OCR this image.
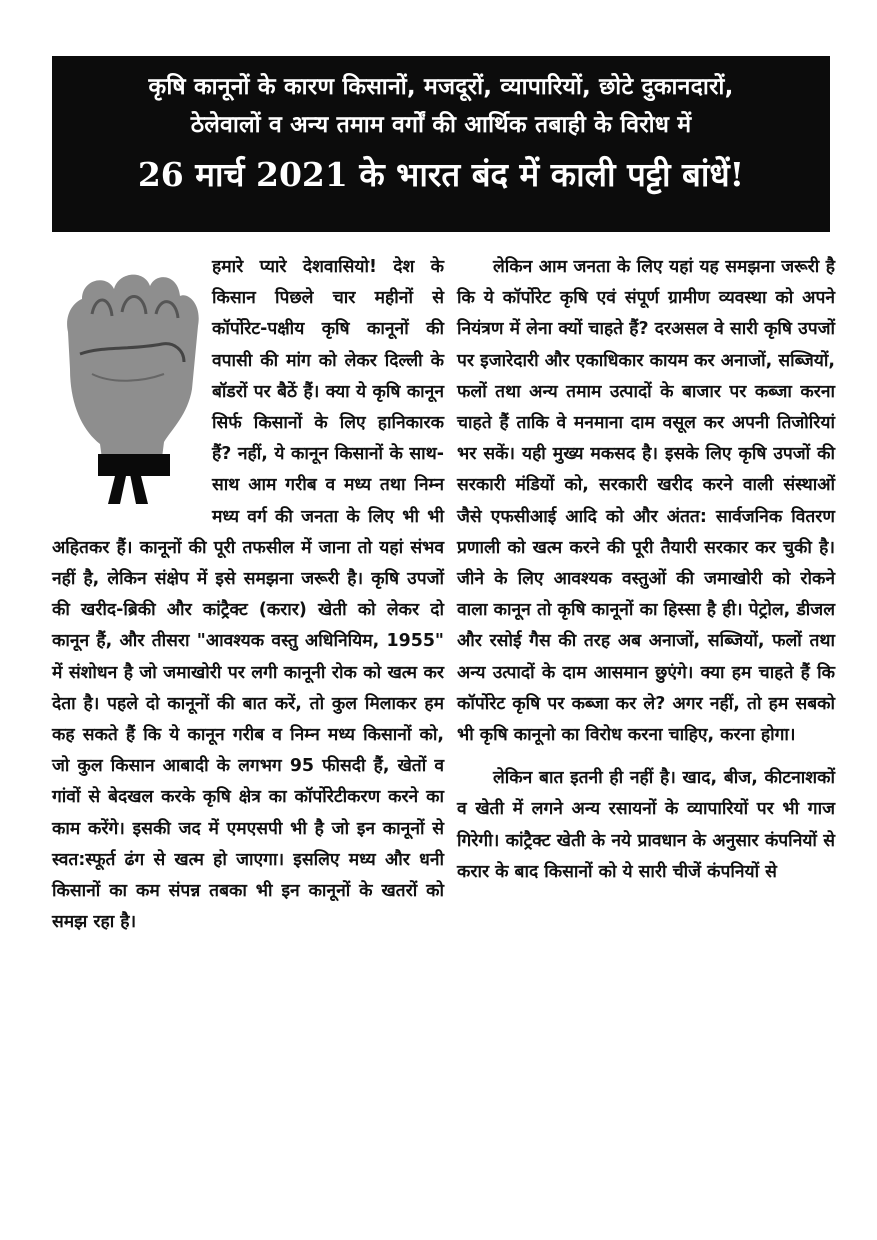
कृषि कानूनों के कारण किसानों, मजदूरों, व्यापारियों, छोटे दुकानदारों,
ठेलेवालों व अन्य तमाम वर्गों की आर्थिक तबाही के विरोध में
26 मार्च 2021 के भारत बंद में काली पट्टी बांधें!

हमारे प्यारे देशवासियो! देश के किसान पिछले चार महीनों से कॉर्पोरेट-पक्षीय कृषि कानूनों की वपासी की मांग को लेकर दिल्ली के बॉडरों पर बैठें हैं। क्या ये कृषि कानून सिर्फ किसानों के लिए हानिकारक हैं? नहीं, ये कानून किसानों के साथ-साथ आम गरीब व मध्य तथा निम्न मध्य वर्ग की जनता के लिए भी भी अहितकर हैं। कानूनों की पूरी तफसील में जाना तो यहां संभव नहीं है, लेकिन संक्षेप में इसे समझना जरूरी है। कृषि उपजों की खरीद-ब्रिकी और कांट्रैक्ट (करार) खेती को लेकर दो कानून हैं, और तीसरा "आवश्यक वस्तु अधिनियिम, 1955" में संशोधन है जो जमाखोरी पर लगी कानूनी रोक को खत्म कर देता है। पहले दो कानूनों की बात करें, तो कुल मिलाकर हम कह सकते हैं कि ये कानून गरीब व निम्न मध्य किसानों को, जो कुल किसान आबादी के लगभग 95 फीसदी हैं, खेतों व गांवों से बेदखल करके कृषि क्षेत्र का कॉर्पोरेटीकरण करने का काम करेंगे। इसकी जद में एमएसपी भी है जो इन कानूनों से स्वत:स्फूर्त ढंग से खत्म हो जाएगा। इसलिए मध्य और धनी किसानों का कम संपन्न तबका भी इन कानूनों के खतरों को समझ रहा है।

लेकिन आम जनता के लिए यहां यह समझना जरूरी है कि ये कॉर्पोरेट कृषि एवं संपूर्ण ग्रामीण व्यवस्था को अपने नियंत्रण में लेना क्यों चाहते हैं? दरअसल वे सारी कृषि उपजों पर इजारेदारी और एकाधिकार कायम कर अनाजों, सब्जियों, फलों तथा अन्य तमाम उत्पादों के बाजार पर कब्जा करना चाहते हैं ताकि वे मनमाना दाम वसूल कर अपनी तिजोरियां भर सकें। यही मुख्य मकसद है। इसके लिए कृषि उपजों की सरकारी मंडियों को, सरकारी खरीद करने वाली संस्थाओं जैसे एफसीआई आदि को और अंतत: सार्वजनिक वितरण प्रणाली को खत्म करने की पूरी तैयारी सरकार कर चुकी है। जीने के लिए आवश्यक वस्तुओं की जमाखोरी को रोकने वाला कानून तो कृषि कानूनों का हिस्सा है ही। पेट्रोल, डीजल और रसोई गैस की तरह अब अनाजों, सब्जियों, फलों तथा अन्य उत्पादों के दाम आसमान छुएंगे। क्या हम चाहते हैं कि कॉर्पोरेट कृषि पर कब्जा कर ले? अगर नहीं, तो हम सबको भी कृषि कानूनो का विरोध करना चाहिए, करना होगा।

लेकिन बात इतनी ही नहीं है। खाद, बीज, कीटनाशकों व खेती में लगने अन्य रसायनों के व्यापारियों पर भी गाज गिरेगी। कांट्रैक्ट खेती के नये प्रावधान के अनुसार कंपनियों से करार के बाद किसानों को ये सारी चीजें कंपनियों से
